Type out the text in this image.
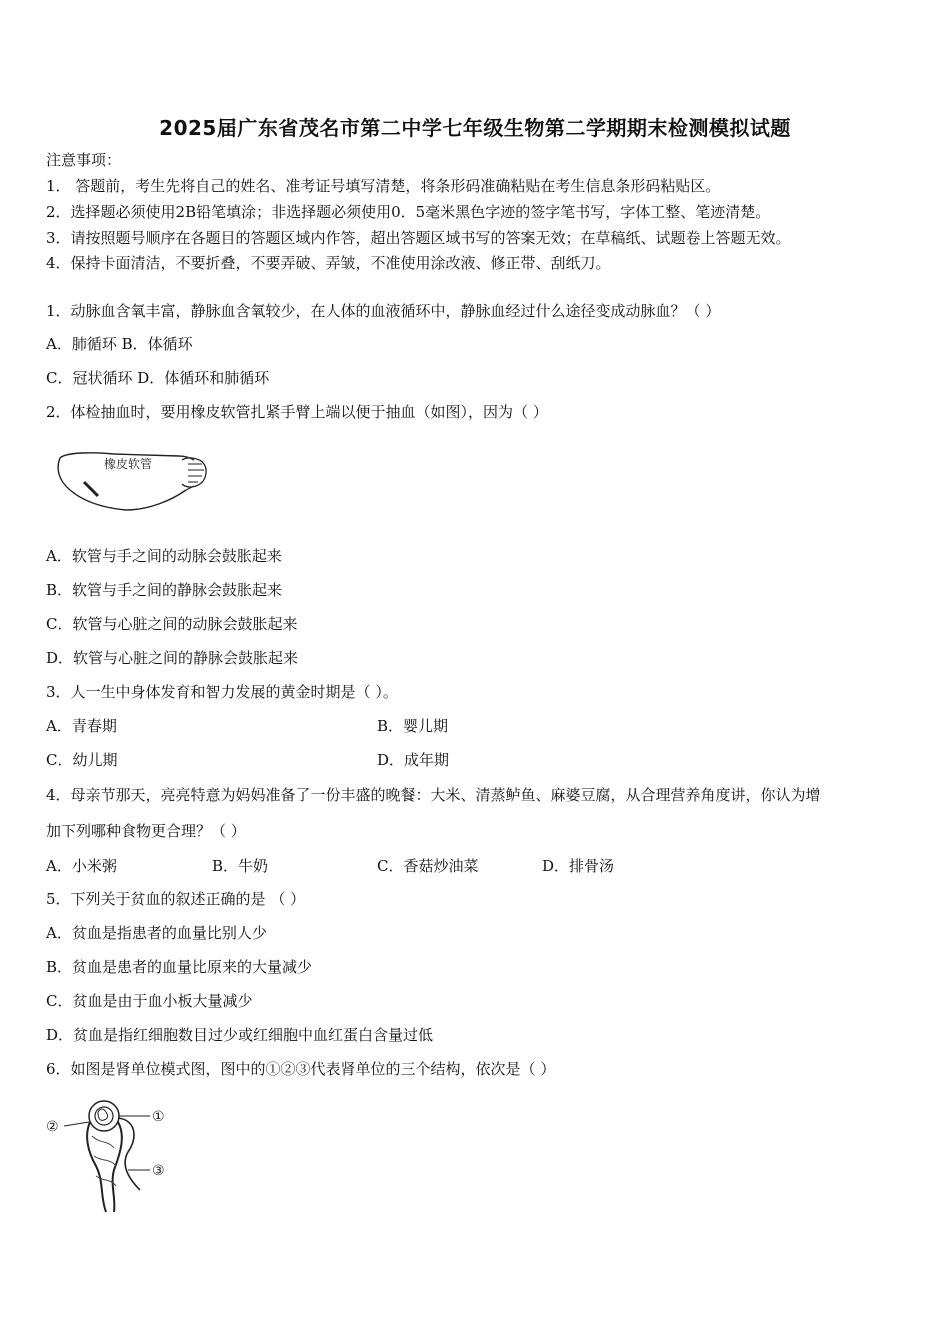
2025届广东省茂名市第二中学七年级生物第二学期期末检测模拟试题
注意事项：
1． 答题前，考生先将自己的姓名、准考证号填写清楚，将条形码准确粘贴在考生信息条形码粘贴区。
2．选择题必须使用2B铅笔填涂；非选择题必须使用0．5毫米黑色字迹的签字笔书写，字体工整、笔迹清楚。
3．请按照题号顺序在各题目的答题区域内作答，超出答题区域书写的答案无效；在草稿纸、试题卷上答题无效。
4．保持卡面清洁，不要折叠，不要弄破、弄皱，不准使用涂改液、修正带、刮纸刀。
1．动脉血含氧丰富，静脉血含氧较少，在人体的血液循环中，静脉血经过什么途径变成动脉血？（ ）
A．肺循环 B．体循环
C．冠状循环 D．体循环和肺循环
2．体检抽血时，要用橡皮软管扎紧手臂上端以便于抽血（如图），因为（ ）
橡皮软管
A．软管与手之间的动脉会鼓胀起来
B．软管与手之间的静脉会鼓胀起来
C．软管与心脏之间的动脉会鼓胀起来
D．软管与心脏之间的静脉会鼓胀起来
3．人一生中身体发育和智力发展的黄金时期是（ ）。
A．青春期	B．婴儿期
C．幼儿期	D．成年期
4．母亲节那天，亮亮特意为妈妈准备了一份丰盛的晚餐：大米、清蒸鲈鱼、麻婆豆腐，从合理营养角度讲，你认为增
加下列哪种食物更合理？（ ）
A．小米粥	B．牛奶	C．香菇炒油菜	D．排骨汤
5．下列关于贫血的叙述正确的是 （ ）
A．贫血是指患者的血量比别人少
B．贫血是患者的血量比原来的大量减少
C．贫血是由于血小板大量减少
D．贫血是指红细胞数目过少或红细胞中血红蛋白含量过低
6．如图是肾单位模式图，图中的①②③代表肾单位的三个结构，依次是（ ）
①
②
③
